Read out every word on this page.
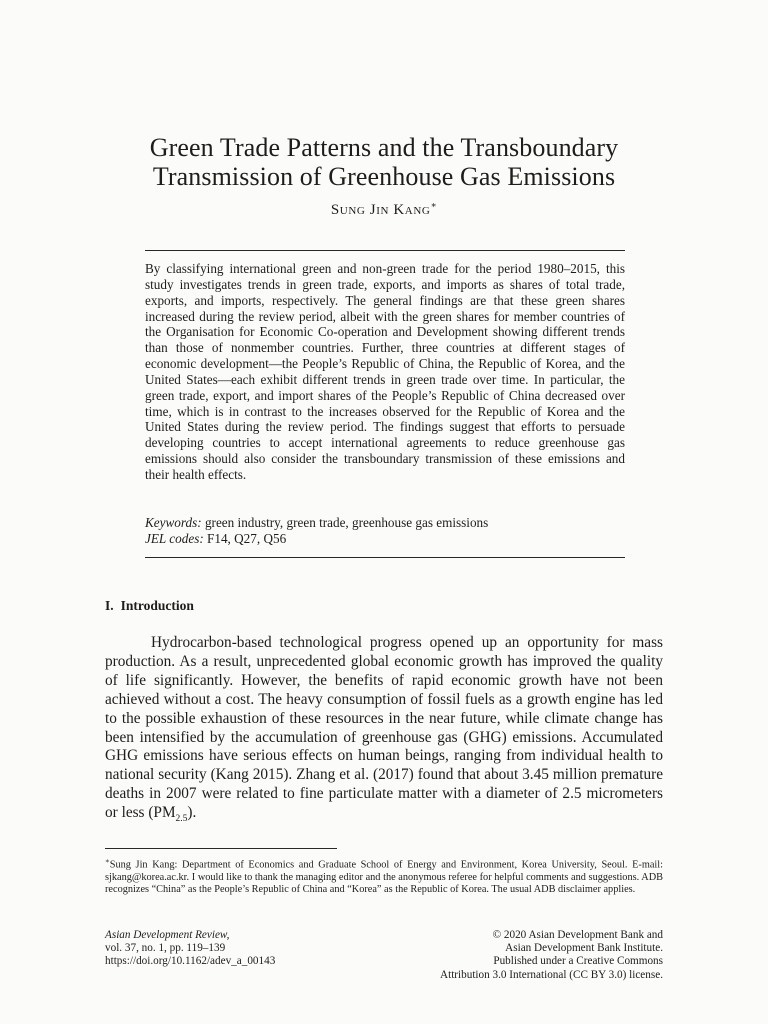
Green Trade Patterns and the Transboundary
Transmission of Greenhouse Gas Emissions
Sung Jin Kang∗

By classifying international green and non-green trade for the period 1980–2015, this study investigates trends in green trade, exports, and imports as shares of total trade, exports, and imports, respectively. The general findings are that these green shares increased during the review period, albeit with the green shares for member countries of the Organisation for Economic Co-operation and Development showing different trends than those of nonmember countries. Further, three countries at different stages of economic development—the People’s Republic of China, the Republic of Korea, and the United States—each exhibit different trends in green trade over time. In particular, the green trade, export, and import shares of the People’s Republic of China decreased over time, which is in contrast to the increases observed for the Republic of Korea and the United States during the review period. The findings suggest that efforts to persuade developing countries to accept international agreements to reduce greenhouse gas emissions should also consider the transboundary transmission of these emissions and their health effects.

Keywords: green industry, green trade, greenhouse gas emissions
JEL codes: F14, Q27, Q56
I. Introduction

Hydrocarbon-based technological progress opened up an opportunity for mass production. As a result, unprecedented global economic growth has improved the quality of life significantly. However, the benefits of rapid economic growth have not been achieved without a cost. The heavy consumption of fossil fuels as a growth engine has led to the possible exhaustion of these resources in the near future, while climate change has been intensified by the accumulation of greenhouse gas (GHG) emissions. Accumulated GHG emissions have serious effects on human beings, ranging from individual health to national security (Kang 2015). Zhang et al. (2017) found that about 3.45 million premature deaths in 2007 were related to fine particulate matter with a diameter of 2.5 micrometers or less $(PM_{2.5})$.

∗Sung Jin Kang: Department of Economics and Graduate School of Energy and Environment, Korea University, Seoul. E-mail: sjkang@korea.ac.kr. I would like to thank the managing editor and the anonymous referee for helpful comments and suggestions. ADB recognizes “China” as the People’s Republic of China and “Korea” as the Republic of Korea. The usual ADB disclaimer applies.

Asian Development Review,
vol. 37, no. 1, pp. 119–139
https://doi.org/10.1162/adev_a_00143
© 2020 Asian Development Bank and
Asian Development Bank Institute.
Published under a Creative Commons
Attribution 3.0 International (CC BY 3.0) license.
